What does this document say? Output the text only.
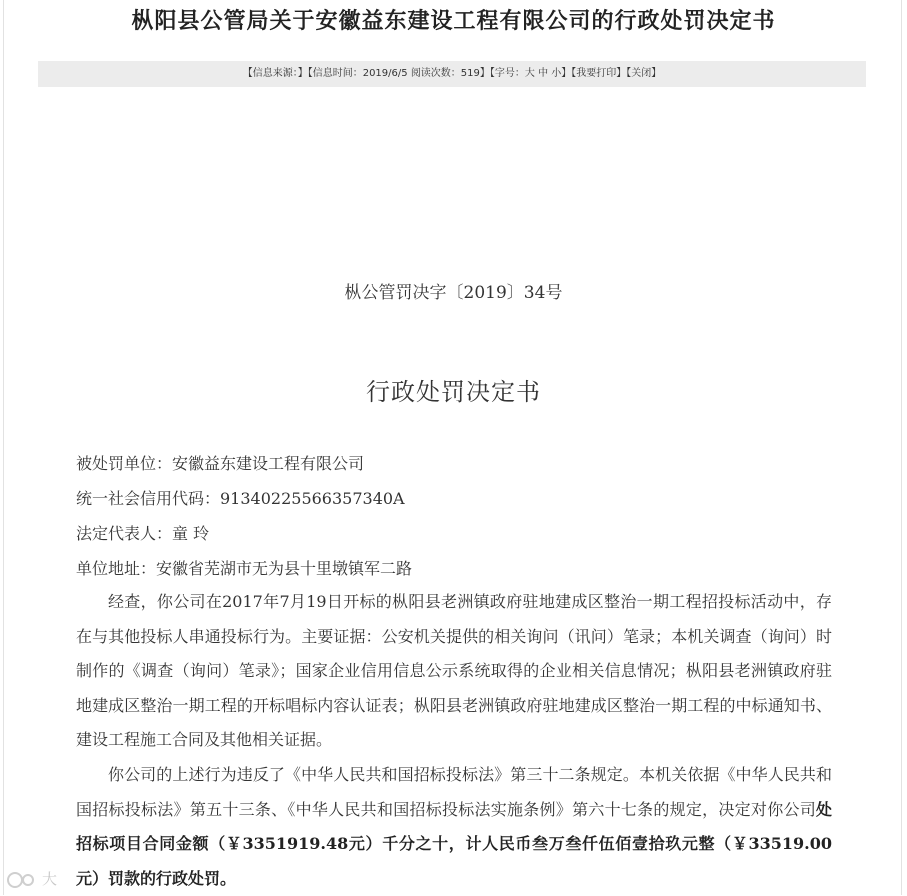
枞阳县公管局关于安徽益东建设工程有限公司的行政处罚决定书
【信息来源：】【信息时间：2019/6/5 阅读次数：519】【字号：大 中 小】【我要打印】【关闭】
枞公管罚决字〔2019〕34号
行政处罚决定书
被处罚单位：安徽益东建设工程有限公司
统一社会信用代码：91340225566357340A
法定代表人：童 玲
单位地址：安徽省芜湖市无为县十里墩镇军二路
经查，你公司在2017年7月19日开标的枞阳县老洲镇政府驻地建成区整治一期工程招投标活动中，存在与其他投标人串通投标行为。主要证据：公安机关提供的相关询问（讯问）笔录；本机关调查（询问）时制作的《调查（询问）笔录》；国家企业信用信息公示系统取得的企业相关信息情况；枞阳县老洲镇政府驻地建成区整治一期工程的开标唱标内容认证表；枞阳县老洲镇政府驻地建成区整治一期工程的中标通知书、建设工程施工合同及其他相关证据。
你公司的上述行为违反了《中华人民共和国招标投标法》第三十二条规定。本机关依据《中华人民共和国招标投标法》第五十三条、《中华人民共和国招标投标法实施条例》第六十七条的规定，决定对你公司处招标项目合同金额（￥3351919.48元）千分之十，计人民币叁万叁仟伍佰壹拾玖元整（￥33519.00元）罚款的行政处罚。
大
